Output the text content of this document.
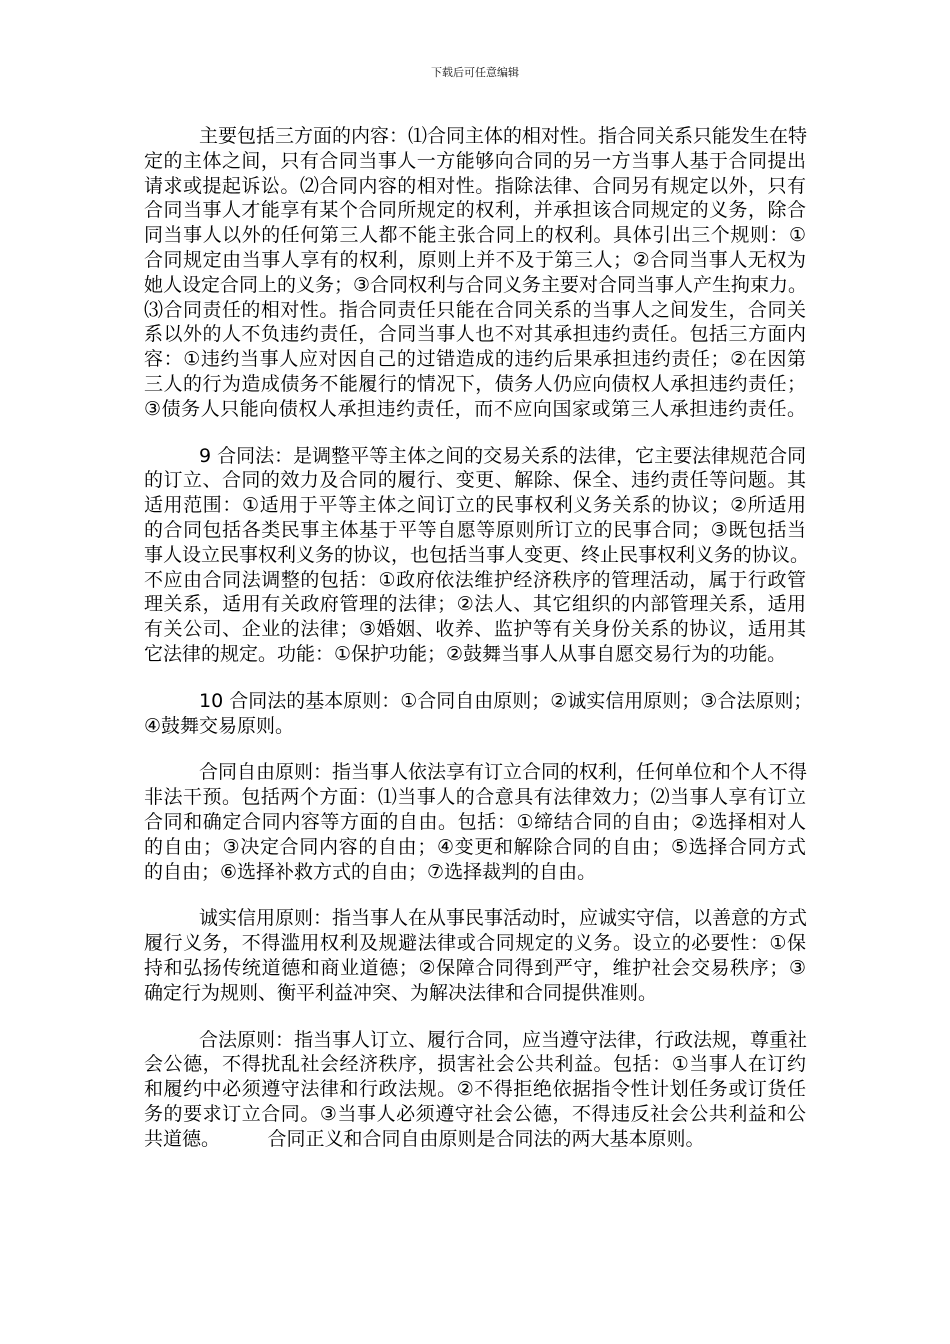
下载后可任意编辑
主要包括三方面的内容：⑴合同主体的相对性。指合同关系只能发生在特
定的主体之间，只有合同当事人一方能够向合同的另一方当事人基于合同提出
请求或提起诉讼。⑵合同内容的相对性。指除法律、合同另有规定以外，只有
合同当事人才能享有某个合同所规定的权利，并承担该合同规定的义务，除合
同当事人以外的任何第三人都不能主张合同上的权利。具体引出三个规则：①
合同规定由当事人享有的权利，原则上并不及于第三人；②合同当事人无权为
她人设定合同上的义务；③合同权利与合同义务主要对合同当事人产生拘束力。
⑶合同责任的相对性。指合同责任只能在合同关系的当事人之间发生，合同关
系以外的人不负违约责任，合同当事人也不对其承担违约责任。包括三方面内
容：①违约当事人应对因自己的过错造成的违约后果承担违约责任；②在因第
三人的行为造成债务不能履行的情况下，债务人仍应向债权人承担违约责任；
③债务人只能向债权人承担违约责任，而不应向国家或第三人承担违约责任。
9 合同法：是调整平等主体之间的交易关系的法律，它主要法律规范合同
的订立、合同的效力及合同的履行、变更、解除、保全、违约责任等问题。其
适用范围：①适用于平等主体之间订立的民事权利义务关系的协议；②所适用
的合同包括各类民事主体基于平等自愿等原则所订立的民事合同；③既包括当
事人设立民事权利义务的协议，也包括当事人变更、终止民事权利义务的协议。
不应由合同法调整的包括：①政府依法维护经济秩序的管理活动，属于行政管
理关系，适用有关政府管理的法律；②法人、其它组织的内部管理关系，适用
有关公司、企业的法律；③婚姻、收养、监护等有关身份关系的协议，适用其
它法律的规定。功能：①保护功能；②鼓舞当事人从事自愿交易行为的功能。
10 合同法的基本原则：①合同自由原则；②诚实信用原则；③合法原则；
④鼓舞交易原则。
合同自由原则：指当事人依法享有订立合同的权利，任何单位和个人不得
非法干预。包括两个方面：⑴当事人的合意具有法律效力；⑵当事人享有订立
合同和确定合同内容等方面的自由。包括：①缔结合同的自由；②选择相对人
的自由；③决定合同内容的自由；④变更和解除合同的自由；⑤选择合同方式
的自由；⑥选择补救方式的自由；⑦选择裁判的自由。
诚实信用原则：指当事人在从事民事活动时，应诚实守信，以善意的方式
履行义务，不得滥用权利及规避法律或合同规定的义务。设立的必要性：①保
持和弘扬传统道德和商业道德；②保障合同得到严守，维护社会交易秩序；③
确定行为规则、衡平利益冲突、为解决法律和合同提供准则。
合法原则：指当事人订立、履行合同，应当遵守法律，行政法规，尊重社
会公德，不得扰乱社会经济秩序，损害社会公共利益。包括：①当事人在订约
和履约中必须遵守法律和行政法规。②不得拒绝依据指令性计划任务或订货任
务的要求订立合同。③当事人必须遵守社会公德，不得违反社会公共利益和公
共道德。　　　合同正义和合同自由原则是合同法的两大基本原则。
